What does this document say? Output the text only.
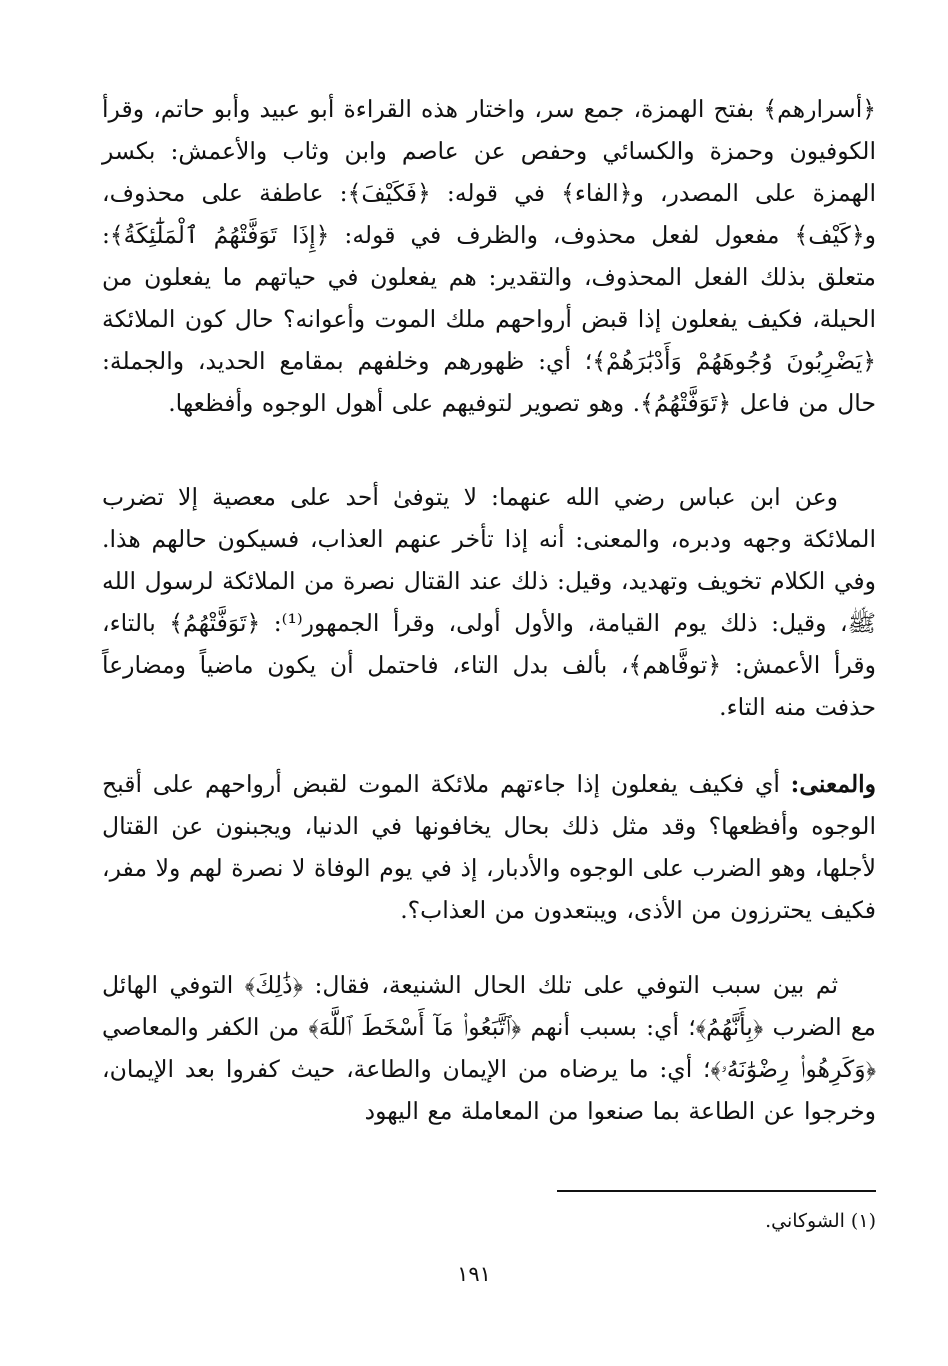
﴿أسرارهم﴾ بفتح الهمزة، جمع سر، واختار هذه القراءة أبو عبيد وأبو حاتم، وقرأ الكوفيون وحمزة والكسائي وحفص عن عاصم وابن وثاب والأعمش: بكسر الهمزة على المصدر، و﴿الفاء﴾ في قوله: ﴿فَكَيْفَ﴾: عاطفة على محذوف، و﴿كَيْف﴾ مفعول لفعل محذوف، والظرف في قوله: ﴿إِذَا تَوَفَّتْهُمُ ٱلْمَلَٰٓئِكَةُ﴾: متعلق بذلك الفعل المحذوف، والتقدير: هم يفعلون في حياتهم ما يفعلون من الحيلة، فكيف يفعلون إذا قبض أرواحهم ملك الموت وأعوانه؟ حال كون الملائكة ﴿يَضْرِبُونَ وُجُوهَهُمْ وَأَدْبَٰرَهُمْ﴾؛ أي: ظهورهم وخلفهم بمقامع الحديد، والجملة: حال من فاعل ﴿تَوَفَّتْهُمُ﴾. وهو تصوير لتوفيهم على أهول الوجوه وأفظعها.

وعن ابن عباس رضي الله عنهما: لا يتوفىٰ أحد على معصية إلا تضرب الملائكة وجهه ودبره، والمعنى: أنه إذا تأخر عنهم العذاب، فسيكون حالهم هذا. وفي الكلام تخويف وتهديد، وقيل: ذلك عند القتال نصرة من الملائكة لرسول الله ﷺ، وقيل: ذلك يوم القيامة، والأول أولى، وقرأ الجمهور⁽¹⁾: ﴿تَوَفَّتْهُمُ﴾ بالتاء، وقرأ الأعمش: ﴿توفَّاهم﴾، بألف بدل التاء، فاحتمل أن يكون ماضياً ومضارعاً حذفت منه التاء.

والمعنى: أي فكيف يفعلون إذا جاءتهم ملائكة الموت لقبض أرواحهم على أقبح الوجوه وأفظعها؟ وقد مثل ذلك بحال يخافونها في الدنيا، ويجبنون عن القتال لأجلها، وهو الضرب على الوجوه والأدبار، إذ في يوم الوفاة لا نصرة لهم ولا مفر، فكيف يحترزون من الأذى، ويبتعدون من العذاب؟.

ثم بين سبب التوفي على تلك الحال الشنيعة، فقال: ﴿ذَٰلِكَ﴾ التوفي الهائل مع الضرب ﴿بِأَنَّهُمُ﴾؛ أي: بسبب أنهم ﴿ٱتَّبَعُوا۟ مَآ أَسْخَطَ ٱللَّهَ﴾ من الكفر والمعاصي ﴿وَكَرِهُوا۟ رِضْوَٰنَهُۥ﴾؛ أي: ما يرضاه من الإيمان والطاعة، حيث كفروا بعد الإيمان، وخرجوا عن الطاعة بما صنعوا من المعاملة مع اليهود

(١) الشوكاني.
١٩١
